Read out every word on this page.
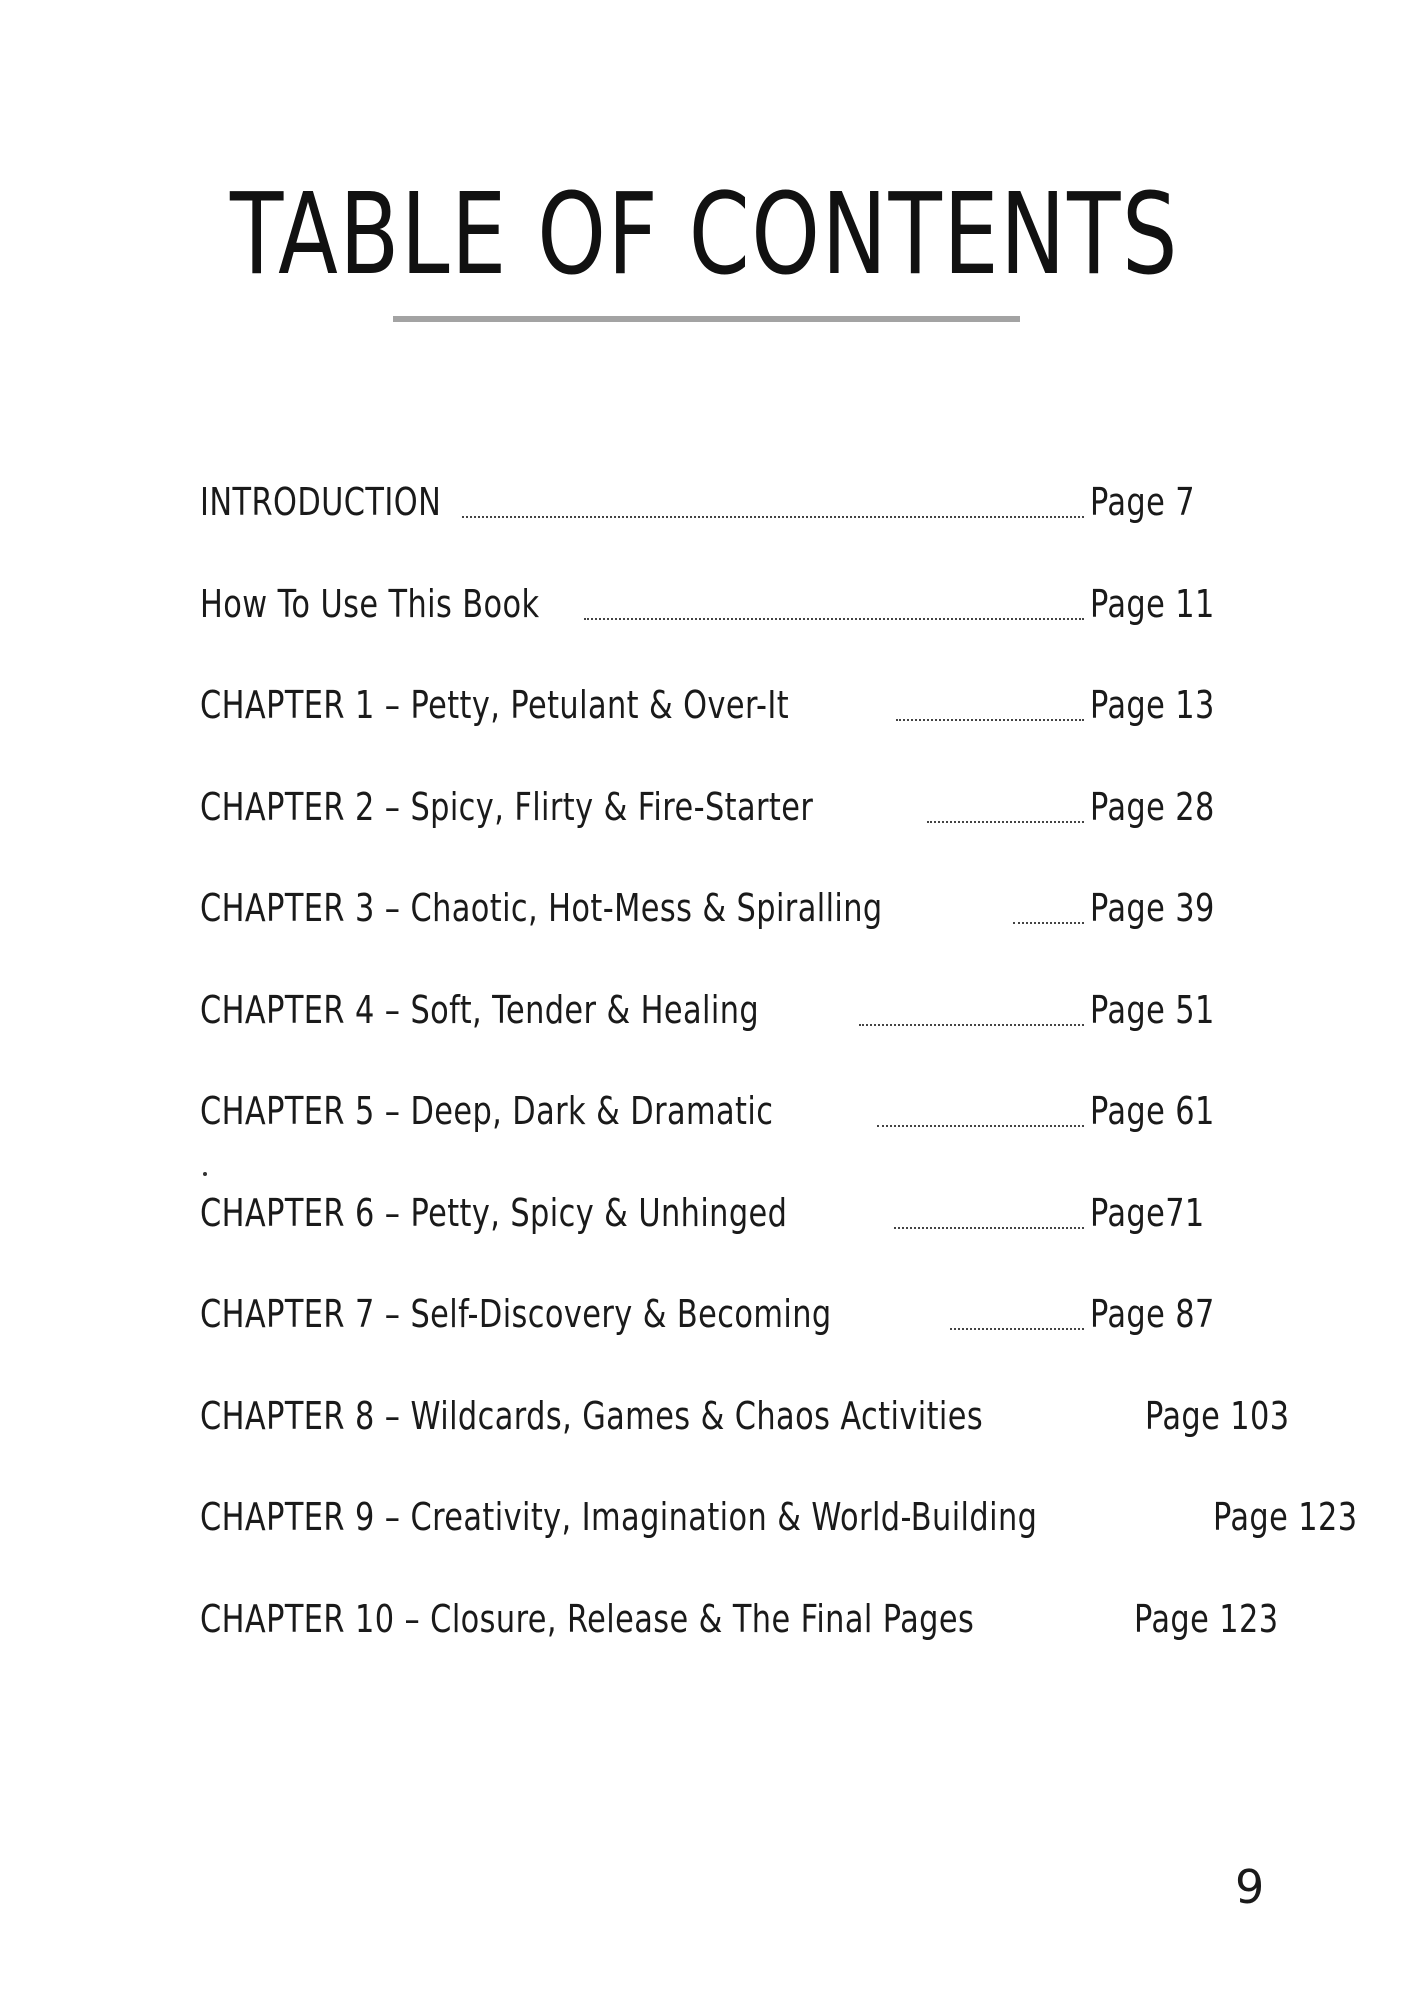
TABLE OF CONTENTS
INTRODUCTION	Page 7
How To Use This Book	Page 11
CHAPTER 1 – Petty, Petulant & Over-It	Page 13
CHAPTER 2 – Spicy, Flirty & Fire-Starter	Page 28
CHAPTER 3 – Chaotic, Hot-Mess & Spiralling	Page 39
CHAPTER 4 – Soft, Tender & Healing	Page 51
CHAPTER 5 – Deep, Dark & Dramatic	Page 61
CHAPTER 6 – Petty, Spicy & Unhinged	Page71
CHAPTER 7 – Self-Discovery & Becoming	Page 87
CHAPTER 8 – Wildcards, Games & Chaos Activities	Page 103
CHAPTER 9 – Creativity, Imagination & World-Building	Page 123
CHAPTER 10 – Closure, Release & The Final Pages	Page 123
9
